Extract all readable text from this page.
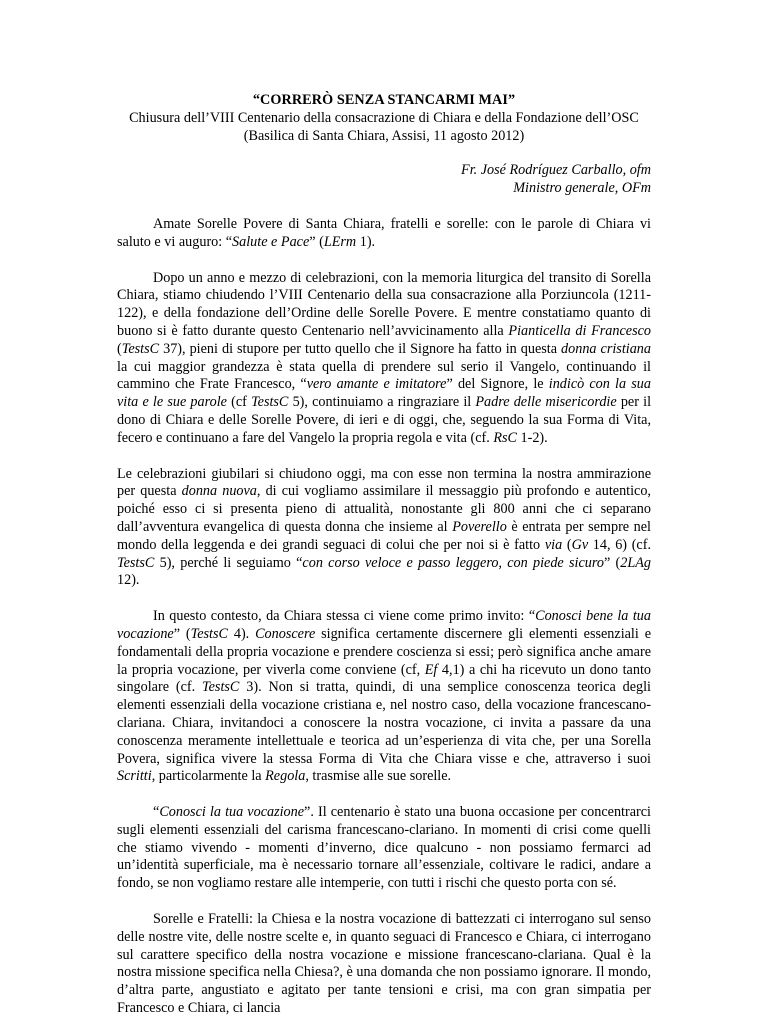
“CORRERÒ SENZA STANCARMI MAI”
Chiusura dell’VIII Centenario della consacrazione di Chiara e della Fondazione dell’OSC
(Basilica di Santa Chiara, Assisi, 11 agosto 2012)
Fr. José Rodríguez Carballo, ofm
Ministro generale, OFm

Amate Sorelle Povere di Santa Chiara, fratelli e sorelle: con le parole di Chiara vi saluto e vi auguro: “Salute e Pace” (LErm 1).

Dopo un anno e mezzo di celebrazioni, con la memoria liturgica del transito di Sorella Chiara, stiamo chiudendo l’VIII Centenario della sua consacrazione alla Porziuncola (1211-122), e della fondazione dell’Ordine delle Sorelle Povere. E mentre constatiamo quanto di buono si è fatto durante questo Centenario nell’avvicinamento alla Pianticella di Francesco (TestsC 37), pieni di stupore per tutto quello che il Signore ha fatto in questa donna cristiana la cui maggior grandezza è stata quella di prendere sul serio il Vangelo, continuando il cammino che Frate Francesco, “vero amante e imitatore” del Signore, le indicò con la sua vita e le sue parole (cf TestsC 5), continuiamo a ringraziare il Padre delle misericordie per il dono di Chiara e delle Sorelle Povere, di ieri e di oggi, che, seguendo la sua Forma di Vita, fecero e continuano a fare del Vangelo la propria regola e vita (cf. RsC 1-2).

Le celebrazioni giubilari si chiudono oggi, ma con esse non termina la nostra ammirazione per questa donna nuova, di cui vogliamo assimilare il messaggio più profondo e autentico, poiché esso ci si presenta pieno di attualità, nonostante gli 800 anni che ci separano dall’avventura evangelica di questa donna che insieme al Poverello è entrata per sempre nel mondo della leggenda e dei grandi seguaci di colui che per noi si è fatto via (Gv 14, 6) (cf. TestsC 5), perché li seguiamo “con corso veloce e passo leggero, con piede sicuro” (2LAg 12).

In questo contesto, da Chiara stessa ci viene come primo invito: “Conosci bene la tua vocazione” (TestsC 4). Conoscere significa certamente discernere gli elementi essenziali e fondamentali della propria vocazione e prendere coscienza si essi; però significa anche amare la propria vocazione, per viverla come conviene (cf, Ef 4,1) a chi ha ricevuto un dono tanto singolare (cf. TestsC 3). Non si tratta, quindi, di una semplice conoscenza teorica degli elementi essenziali della vocazione cristiana e, nel nostro caso, della vocazione francescano-clariana. Chiara, invitandoci a conoscere la nostra vocazione, ci invita a passare da una conoscenza meramente intellettuale e teorica ad un’esperienza di vita che, per una Sorella Povera, significa vivere la stessa Forma di Vita che Chiara visse e che, attraverso i suoi Scritti, particolarmente la Regola, trasmise alle sue sorelle.

“Conosci la tua vocazione”. Il centenario è stato una buona occasione per concentrarci sugli elementi essenziali del carisma francescano-clariano. In momenti di crisi come quelli che stiamo vivendo - momenti d’inverno, dice qualcuno - non possiamo fermarci ad un’identità superficiale, ma è necessario tornare all’essenziale, coltivare le radici, andare a fondo, se non vogliamo restare alle intemperie, con tutti i rischi che questo porta con sé.

Sorelle e Fratelli: la Chiesa e la nostra vocazione di battezzati ci interrogano sul senso delle nostre vite, delle nostre scelte e, in quanto seguaci di Francesco e Chiara, ci interrogano sul carattere specifico della nostra vocazione e missione francescano-clariana. Qual è la nostra missione specifica nella Chiesa?, è una domanda che non possiamo ignorare. Il mondo, d’altra parte, angustiato e agitato per tante tensioni e crisi, ma con gran simpatia per Francesco e Chiara, ci lancia
